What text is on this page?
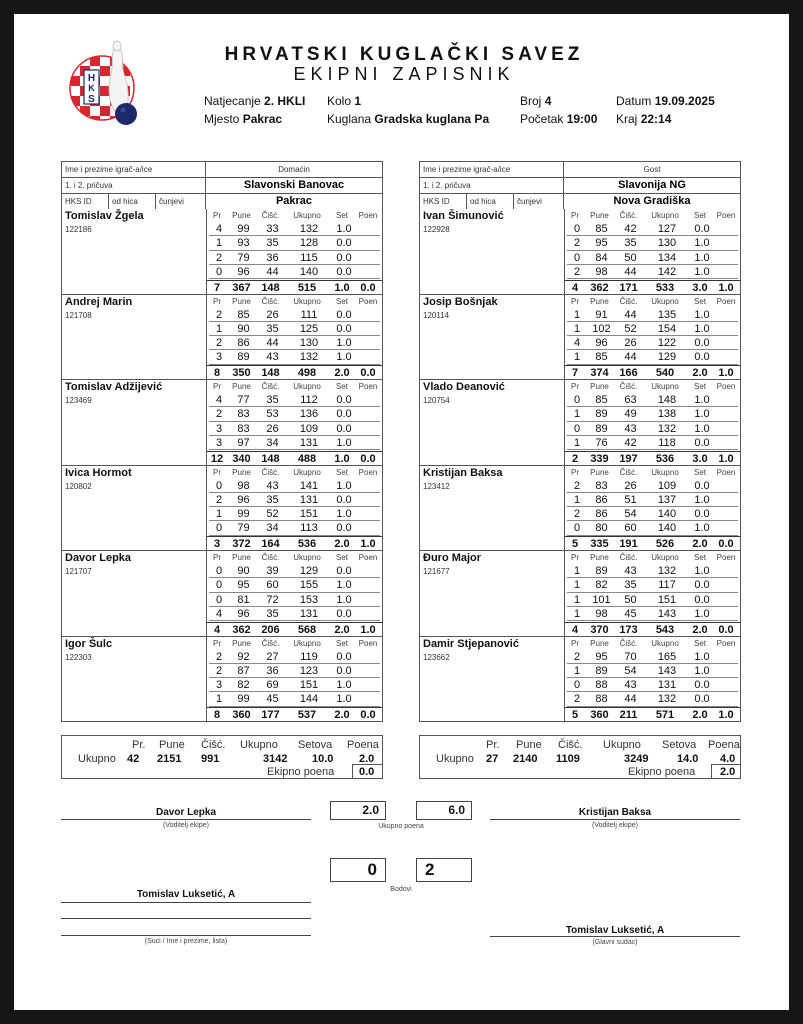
H
K
S
HRVATSKI KUGLAČKI SAVEZ
EKIPNI ZAPISNIK
Natjecanje 2. HKLI Kolo 1	Broj 4	Datum 19.09.2025
Mjesto Pakrac	Kuglana Gradska kuglana Pa	Početak 19:00 Kraj 22:14
Ime i prezime igrač-a/ice	Domaćin
1. i 2. pričuva	Slavonski Banovac
HKS ID	od hica	čunjevi	Pakrac
Tomislav Žgela
122186
Pr	Pune	Čišć.	Ukupno	Set	Poen
4	99	33	132	1.0
1	93	35	128	0.0
2	79	36	115	0.0
0	96	44	140	0.0
7	367 148	515	1.0 0.0
Andrej Marin
121708
Pr	Pune	Čišć.	Ukupno	Set	Poen
2	85	26	111	0.0
1	90	35	125	0.0
2	86	44	130	1.0
3	89	43	132	1.0
8	350 148	498	2.0 0.0
Tomislav Adžijević
123469
Pr	Pune	Čišć.	Ukupno	Set	Poen
4	77	35	112	0.0
2	83	53	136	0.0
3	83	26	109	0.0
3	97	34	131	1.0
12 340 148	488	1.0 0.0
Ivica Hormot
120802
Pr	Pune	Čišć.	Ukupno	Set	Poen
0	98	43	141	1.0
2	96	35	131	0.0
1	99	52	151	1.0
0	79	34	113	0.0
3	372 164	536	2.0 1.0
Davor Lepka
121707
Pr	Pune	Čišć.	Ukupno	Set	Poen
0	90	39	129	0.0
0	95	60	155	1.0
0	81	72	153	1.0
4	96	35	131	0.0
4	362 206	568	2.0 1.0
Igor Šulc
122303
Pr	Pune	Čišć.	Ukupno	Set	Poen
2	92	27	119	0.0
2	87	36	123	0.0
3	82	69	151	1.0
1	99	45	144	1.0
8	360 177	537	2.0 0.0
Ime i prezime igrač-a/ice	Gost
1. i 2. pričuva	Slavonija NG
HKS ID	od hica	čunjevi	Nova Gradiška
Ivan Šimunović
122928
Pr	Pune	Čišć.	Ukupno	Set	Poen
0	85	42	127	0.0
2	95	35	130	1.0
0	84	50	134	1.0
2	98	44	142	1.0
4	362 171	533	3.0 1.0
Josip Bošnjak
120114
Pr	Pune	Čišć.	Ukupno	Set	Poen
1	91	44	135	1.0
1	102	52	154	1.0
4	96	26	122	0.0
1	85	44	129	0.0
7	374 166	540	2.0 1.0
Vlado Deanović
120754
Pr	Pune	Čišć.	Ukupno	Set	Poen
0	85	63	148	1.0
1	89	49	138	1.0
0	89	43	132	1.0
1	76	42	118	0.0
2	339 197	536	3.0 1.0
Kristijan Baksa
123412
Pr	Pune	Čišć.	Ukupno	Set	Poen
2	83	26	109	0.0
1	86	51	137	1.0
2	86	54	140	0.0
0	80	60	140	1.0
5	335 191	526	2.0 0.0
Đuro Major
121677
Pr	Pune	Čišć.	Ukupno	Set	Poen
1	89	43	132	1.0
1	82	35	117	0.0
1	101	50	151	0.0
1	98	45	143	1.0
4	370 173	543	2.0 0.0
Damir Stjepanović
123662
Pr	Pune	Čišć.	Ukupno	Set	Poen
2	95	70	165	1.0
1	89	54	143	1.0
0	88	43	131	0.0
2	88	44	132	0.0
5	360 211	571	2.0 1.0
Pr. Pune Čišć. Ukupno Setova Poena
Ukupno 42 2151 991	3142 10.0 2.0
Ekipno poena 0.0
Pr. Pune Čišć. Ukupno Setova Poena
Ukupno 27 2140 1109	3249	14.0 4.0
Ekipno poena 2.0
Davor Lepka
(Voditelj ekipe)
2.0	6.0
Ukupno poena
Kristijan Baksa
(Voditelj ekipe)
0	2
Bodovi
Tomislav Luksetić, A
(Suci / Ime i prezime, lista)
Tomislav Luksetić, A
(Glavni sudac)
